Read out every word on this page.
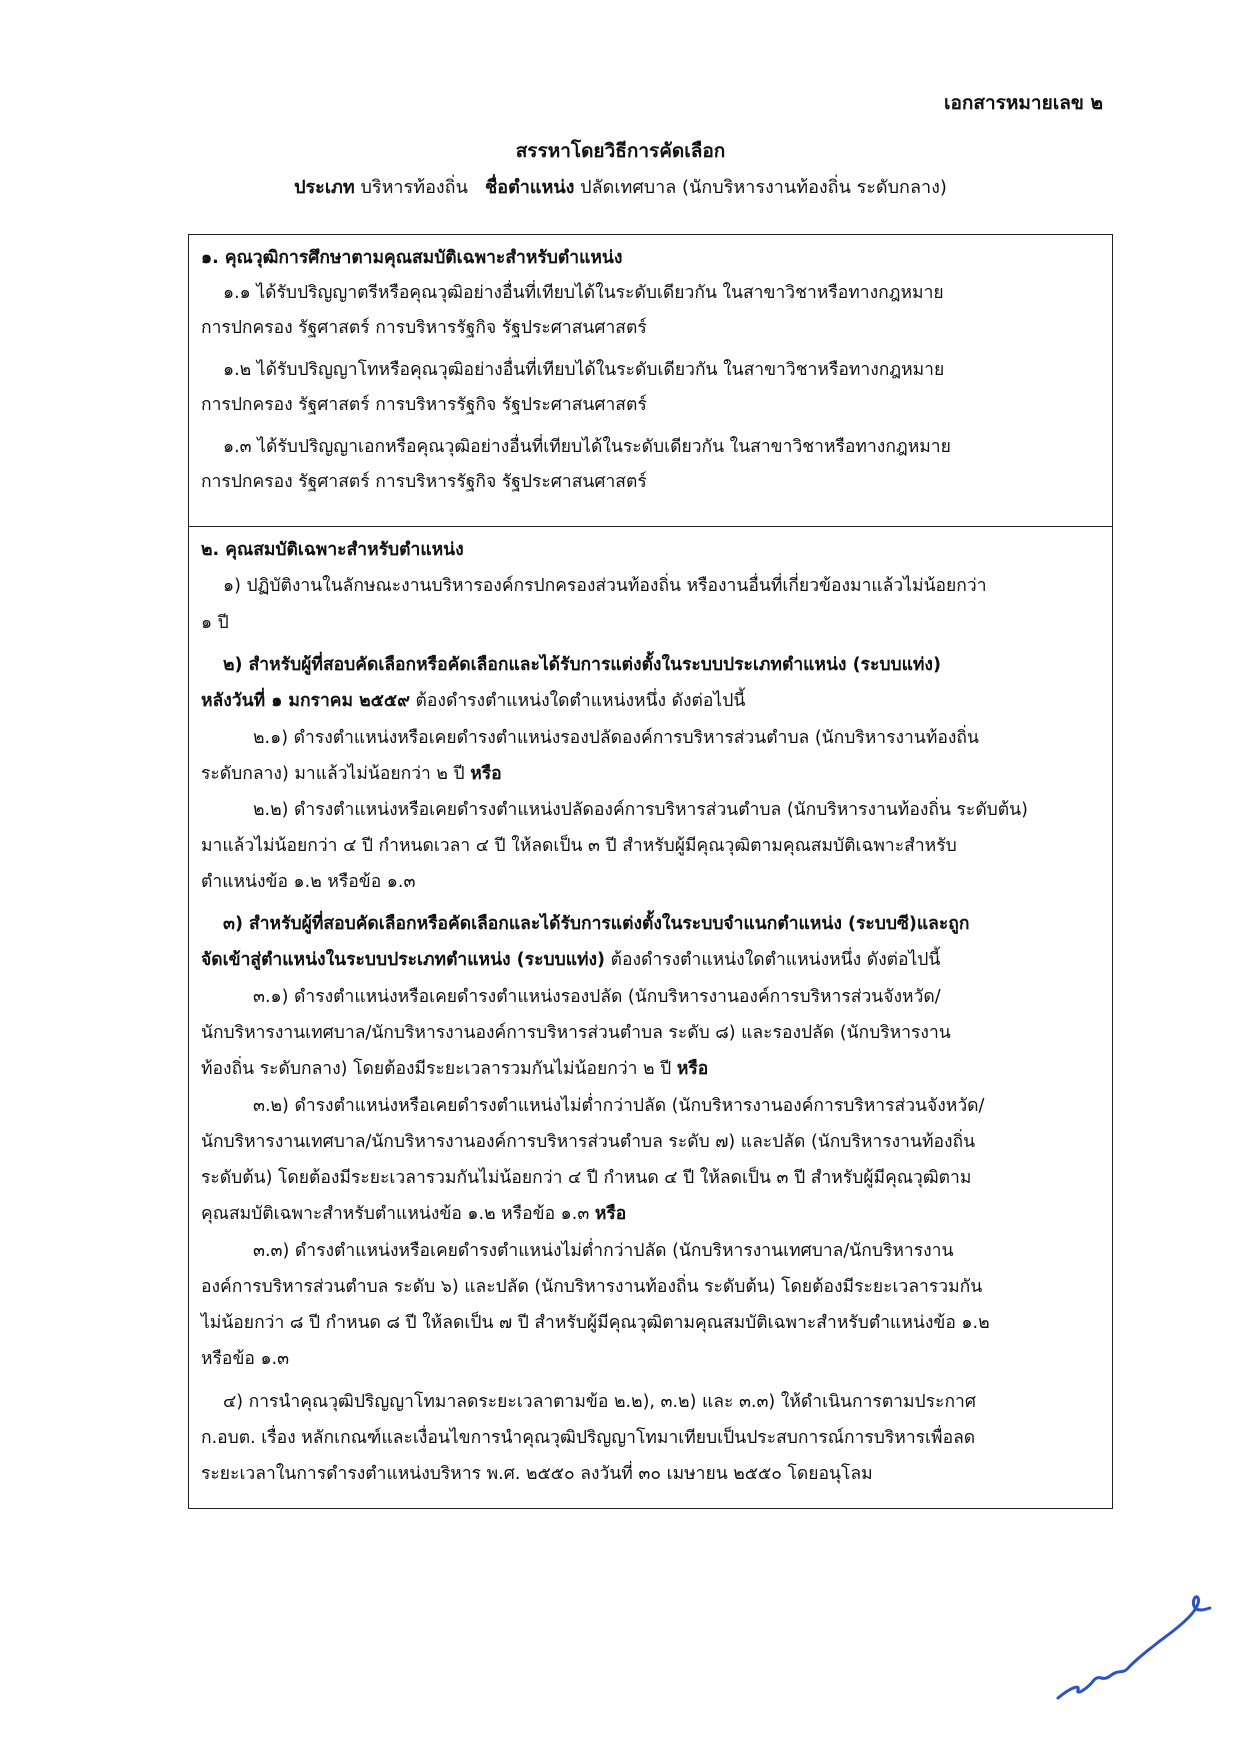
เอกสารหมายเลข ๒
สรรหาโดยวิธีการคัดเลือก
ประเภท บริหารท้องถิ่น ชื่อตำแหน่ง ปลัดเทศบาล (นักบริหารงานท้องถิ่น ระดับกลาง)
๑. คุณวุฒิการศึกษาตามคุณสมบัติเฉพาะสำหรับตำแหน่ง
๑.๑ ได้รับปริญญาตรีหรือคุณวุฒิอย่างอื่นที่เทียบได้ในระดับเดียวกัน ในสาขาวิชาหรือทางกฎหมาย
การปกครอง รัฐศาสตร์ การบริหารรัฐกิจ รัฐประศาสนศาสตร์
๑.๒ ได้รับปริญญาโทหรือคุณวุฒิอย่างอื่นที่เทียบได้ในระดับเดียวกัน ในสาขาวิชาหรือทางกฎหมาย
การปกครอง รัฐศาสตร์ การบริหารรัฐกิจ รัฐประศาสนศาสตร์
๑.๓ ได้รับปริญญาเอกหรือคุณวุฒิอย่างอื่นที่เทียบได้ในระดับเดียวกัน ในสาขาวิชาหรือทางกฎหมาย
การปกครอง รัฐศาสตร์ การบริหารรัฐกิจ รัฐประศาสนศาสตร์
๒. คุณสมบัติเฉพาะสำหรับตำแหน่ง
๑) ปฏิบัติงานในลักษณะงานบริหารองค์กรปกครองส่วนท้องถิ่น หรืองานอื่นที่เกี่ยวข้องมาแล้วไม่น้อยกว่า
๑ ปี
๒) สำหรับผู้ที่สอบคัดเลือกหรือคัดเลือกและได้รับการแต่งตั้งในระบบประเภทตำแหน่ง (ระบบแท่ง)
หลังวันที่ ๑ มกราคม ๒๕๕๙ ต้องดำรงตำแหน่งใดตำแหน่งหนึ่ง ดังต่อไปนี้
๒.๑) ดำรงตำแหน่งหรือเคยดำรงตำแหน่งรองปลัดองค์การบริหารส่วนตำบล (นักบริหารงานท้องถิ่น
ระดับกลาง) มาแล้วไม่น้อยกว่า ๒ ปี หรือ
๒.๒) ดำรงตำแหน่งหรือเคยดำรงตำแหน่งปลัดองค์การบริหารส่วนตำบล (นักบริหารงานท้องถิ่น ระดับต้น)
มาแล้วไม่น้อยกว่า ๔ ปี กำหนดเวลา ๔ ปี ให้ลดเป็น ๓ ปี สำหรับผู้มีคุณวุฒิตามคุณสมบัติเฉพาะสำหรับ
ตำแหน่งข้อ ๑.๒ หรือข้อ ๑.๓
๓) สำหรับผู้ที่สอบคัดเลือกหรือคัดเลือกและได้รับการแต่งตั้งในระบบจำแนกตำแหน่ง (ระบบซี)และถูก
จัดเข้าสู่ตำแหน่งในระบบประเภทตำแหน่ง (ระบบแท่ง) ต้องดำรงตำแหน่งใดตำแหน่งหนึ่ง ดังต่อไปนี้
๓.๑) ดำรงตำแหน่งหรือเคยดำรงตำแหน่งรองปลัด (นักบริหารงานองค์การบริหารส่วนจังหวัด/
นักบริหารงานเทศบาล/นักบริหารงานองค์การบริหารส่วนตำบล ระดับ ๘) และรองปลัด (นักบริหารงาน
ท้องถิ่น ระดับกลาง) โดยต้องมีระยะเวลารวมกันไม่น้อยกว่า ๒ ปี หรือ
๓.๒) ดำรงตำแหน่งหรือเคยดำรงตำแหน่งไม่ต่ำกว่าปลัด (นักบริหารงานองค์การบริหารส่วนจังหวัด/
นักบริหารงานเทศบาล/นักบริหารงานองค์การบริหารส่วนตำบล ระดับ ๗) และปลัด (นักบริหารงานท้องถิ่น
ระดับต้น) โดยต้องมีระยะเวลารวมกันไม่น้อยกว่า ๔ ปี กำหนด ๔ ปี ให้ลดเป็น ๓ ปี สำหรับผู้มีคุณวุฒิตาม
คุณสมบัติเฉพาะสำหรับตำแหน่งข้อ ๑.๒ หรือข้อ ๑.๓ หรือ
๓.๓) ดำรงตำแหน่งหรือเคยดำรงตำแหน่งไม่ต่ำกว่าปลัด (นักบริหารงานเทศบาล/นักบริหารงาน
องค์การบริหารส่วนตำบล ระดับ ๖) และปลัด (นักบริหารงานท้องถิ่น ระดับต้น) โดยต้องมีระยะเวลารวมกัน
ไม่น้อยกว่า ๘ ปี กำหนด ๘ ปี ให้ลดเป็น ๗ ปี สำหรับผู้มีคุณวุฒิตามคุณสมบัติเฉพาะสำหรับตำแหน่งข้อ ๑.๒
หรือข้อ ๑.๓
๔) การนำคุณวุฒิปริญญาโทมาลดระยะเวลาตามข้อ ๒.๒), ๓.๒) และ ๓.๓) ให้ดำเนินการตามประกาศ
ก.อบต. เรื่อง หลักเกณฑ์และเงื่อนไขการนำคุณวุฒิปริญญาโทมาเทียบเป็นประสบการณ์การบริหารเพื่อลด
ระยะเวลาในการดำรงตำแหน่งบริหาร พ.ศ. ๒๕๕๐ ลงวันที่ ๓๐ เมษายน ๒๕๕๐ โดยอนุโลม
